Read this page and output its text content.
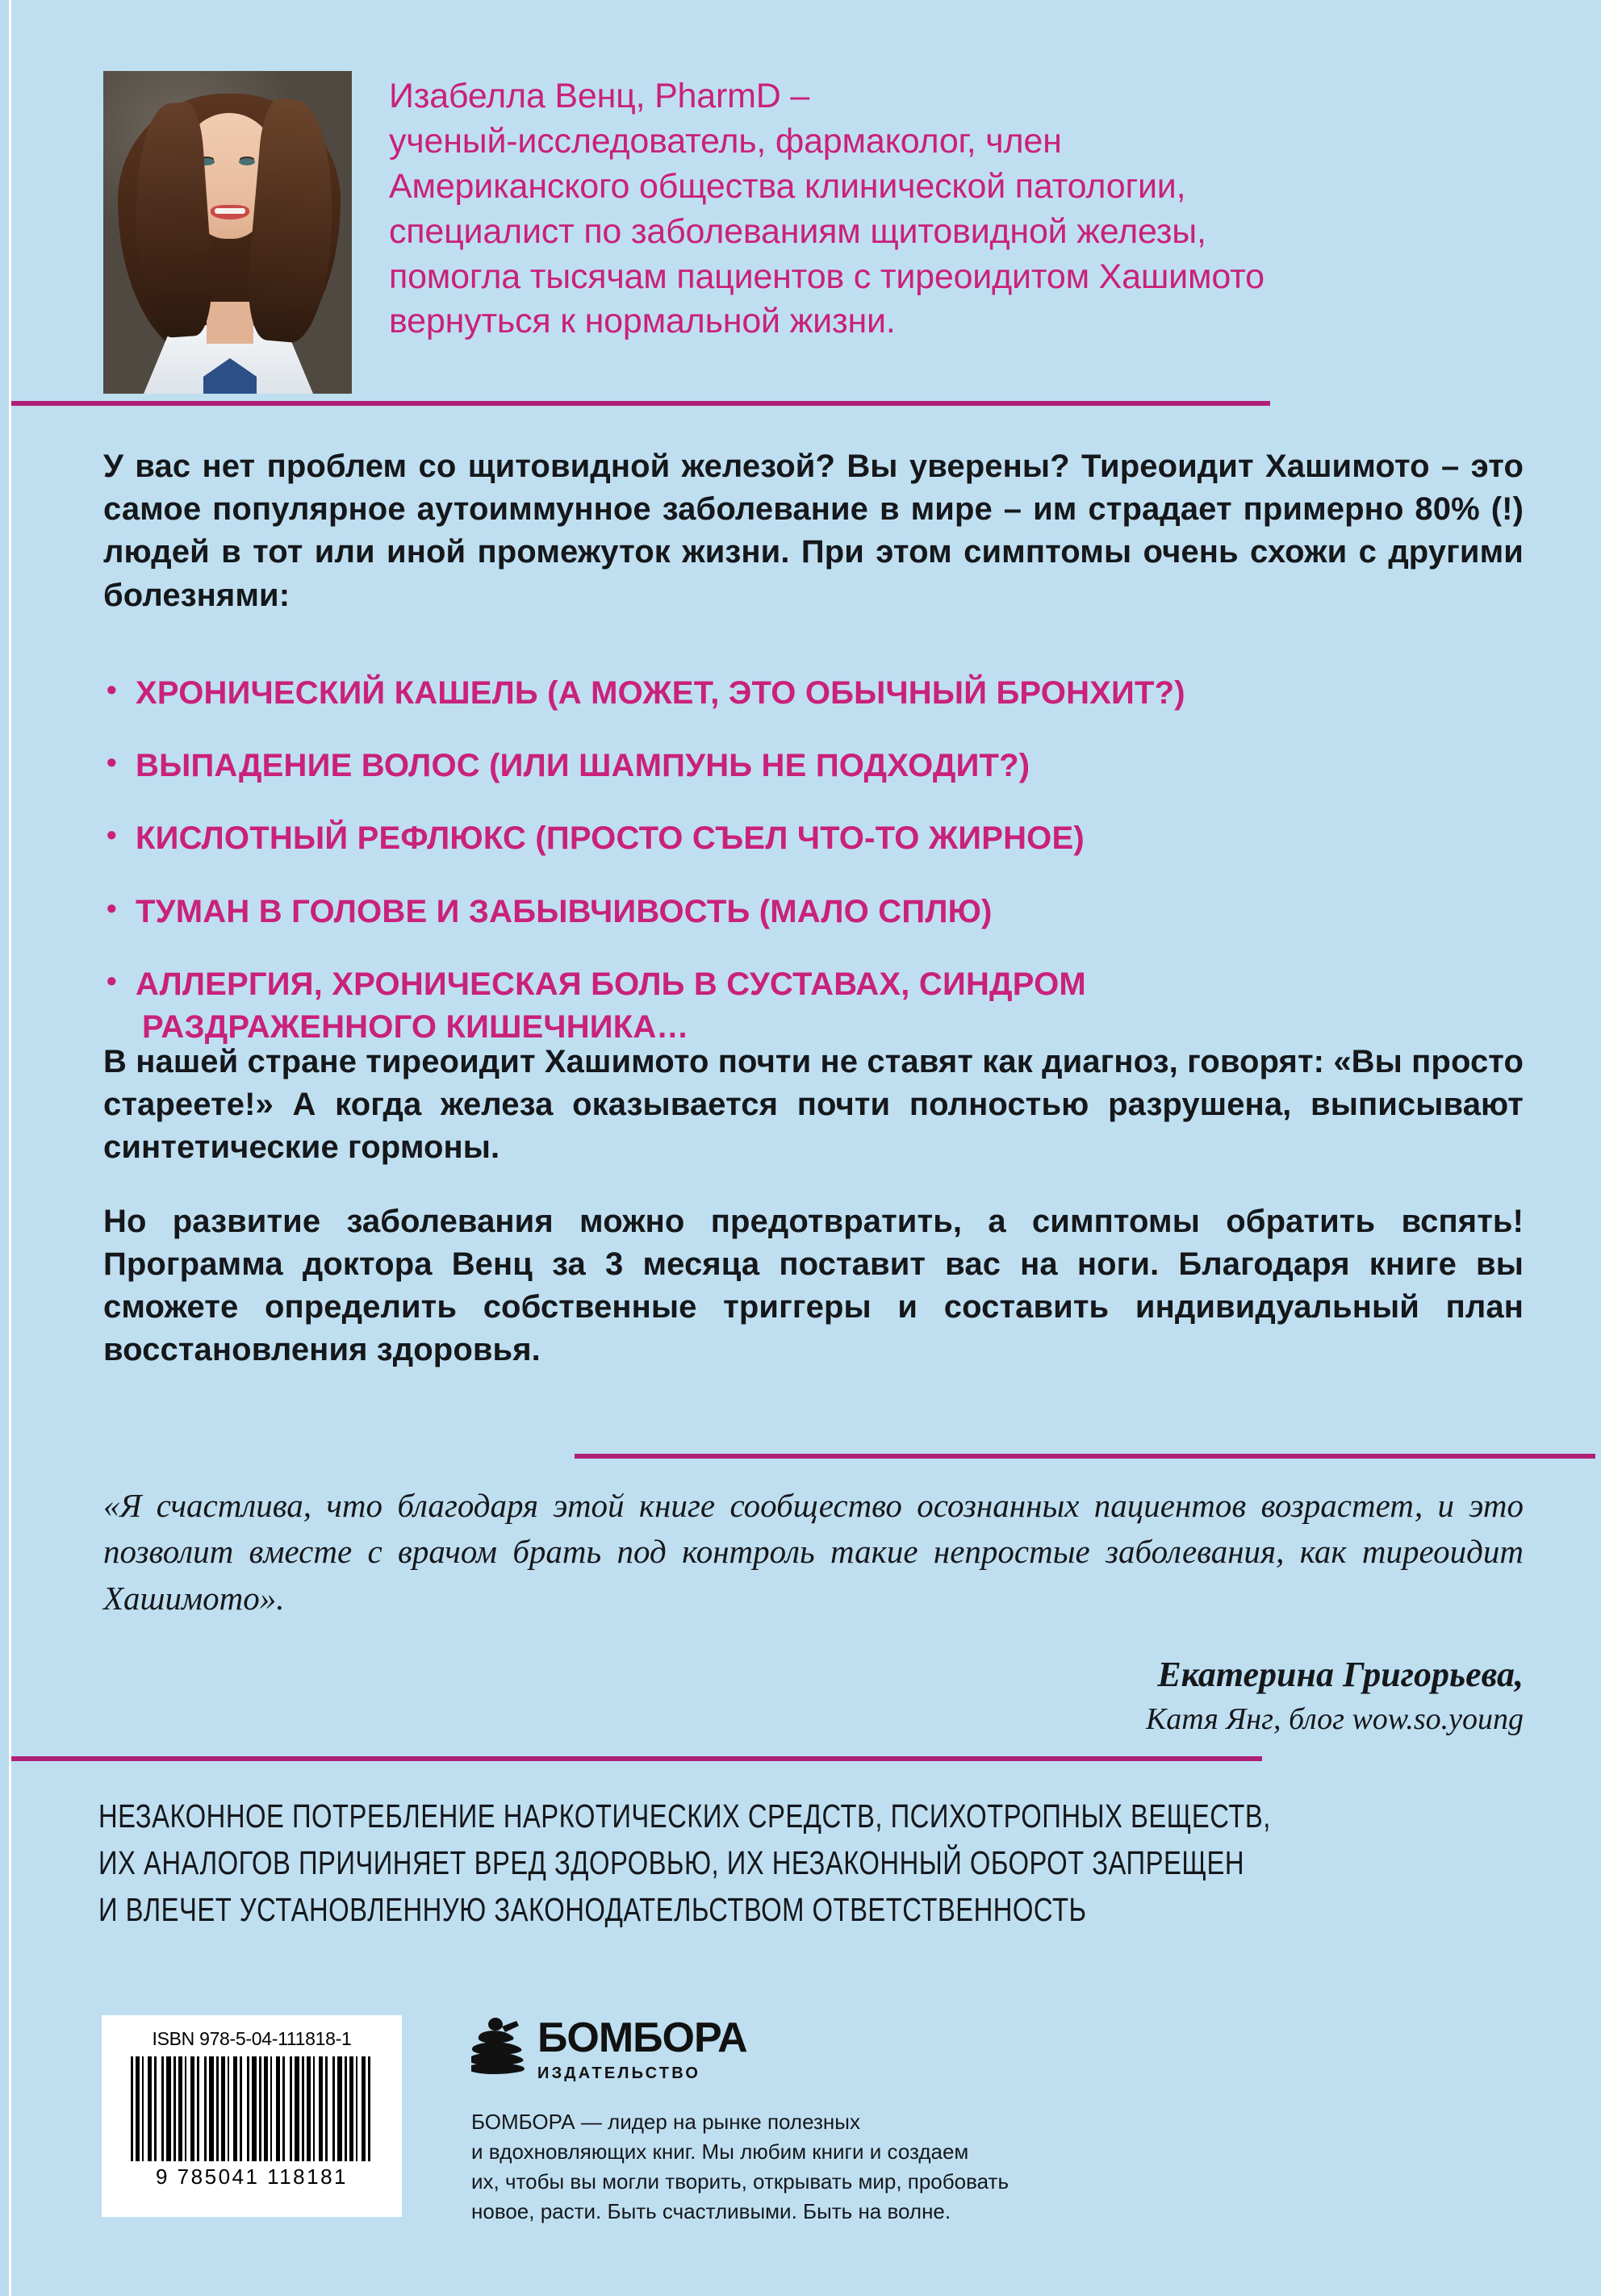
Изабелла Венц, PharmD –
ученый-исследователь, фармаколог, член
Американского общества клинической патологии,
специалист по заболеваниям щитовидной железы,
помогла тысячам пациентов с тиреоидитом Хашимото
вернуться к нормальной жизни.

У вас нет проблем со щитовидной железой? Вы уверены? Тиреоидит Хашимото – это самое популярное аутоиммунное заболевание в мире – им страдает примерно 80% (!) людей в тот или иной промежуток жизни. При этом симптомы очень схожи с другими болезнями:

• ХРОНИЧЕСКИЙ КАШЕЛЬ (А МОЖЕТ, ЭТО ОБЫЧНЫЙ БРОНХИТ?)
• ВЫПАДЕНИЕ ВОЛОС (ИЛИ ШАМПУНЬ НЕ ПОДХОДИТ?)
• КИСЛОТНЫЙ РЕФЛЮКС (ПРОСТО СЪЕЛ ЧТО-ТО ЖИРНОЕ)
• ТУМАН В ГОЛОВЕ И ЗАБЫВЧИВОСТЬ (МАЛО СПЛЮ)
• АЛЛЕРГИЯ, ХРОНИЧЕСКАЯ БОЛЬ В СУСТАВАХ, СИНДРОМ
РАЗДРАЖЕННОГО КИШЕЧНИКА…

В нашей стране тиреоидит Хашимото почти не ставят как диагноз, говорят: «Вы просто стареете!» А когда железа оказывается почти полностью разрушена, выписывают синтетические гормоны.

Но развитие заболевания можно предотвратить, а симптомы обратить вспять! Программа доктора Венц за 3 месяца поставит вас на ноги. Благодаря книге вы сможете определить собственные триггеры и составить индивидуальный план восстановления здоровья.

«Я счастлива, что благодаря этой книге сообщество осознанных пациентов возрастет, и это позволит вместе с врачом брать под контроль такие непростые заболевания, как тиреоидит Хашимото».

Екатерина Григорьева,
Катя Янг, блог wow.so.young
НЕЗАКОННОЕ ПОТРЕБЛЕНИЕ НАРКОТИЧЕСКИХ СРЕДСТВ, ПСИХОТРОПНЫХ ВЕЩЕСТВ,
ИХ АНАЛОГОВ ПРИЧИНЯЕТ ВРЕД ЗДОРОВЬЮ, ИХ НЕЗАКОННЫЙ ОБОРОТ ЗАПРЕЩЕН
И ВЛЕЧЕТ УСТАНОВЛЕННУЮ ЗАКОНОДАТЕЛЬСТВОМ ОТВЕТСТВЕННОСТЬ
ISBN 978-5-04-111818-1
9 785041 118181
БОМБОРА
ИЗДАТЕЛЬСТВО
БОМБОРА — лидер на рынке полезных
и вдохновляющих книг. Мы любим книги и создаем
их, чтобы вы могли творить, открывать мир, пробовать
новое, расти. Быть счастливыми. Быть на волне.
